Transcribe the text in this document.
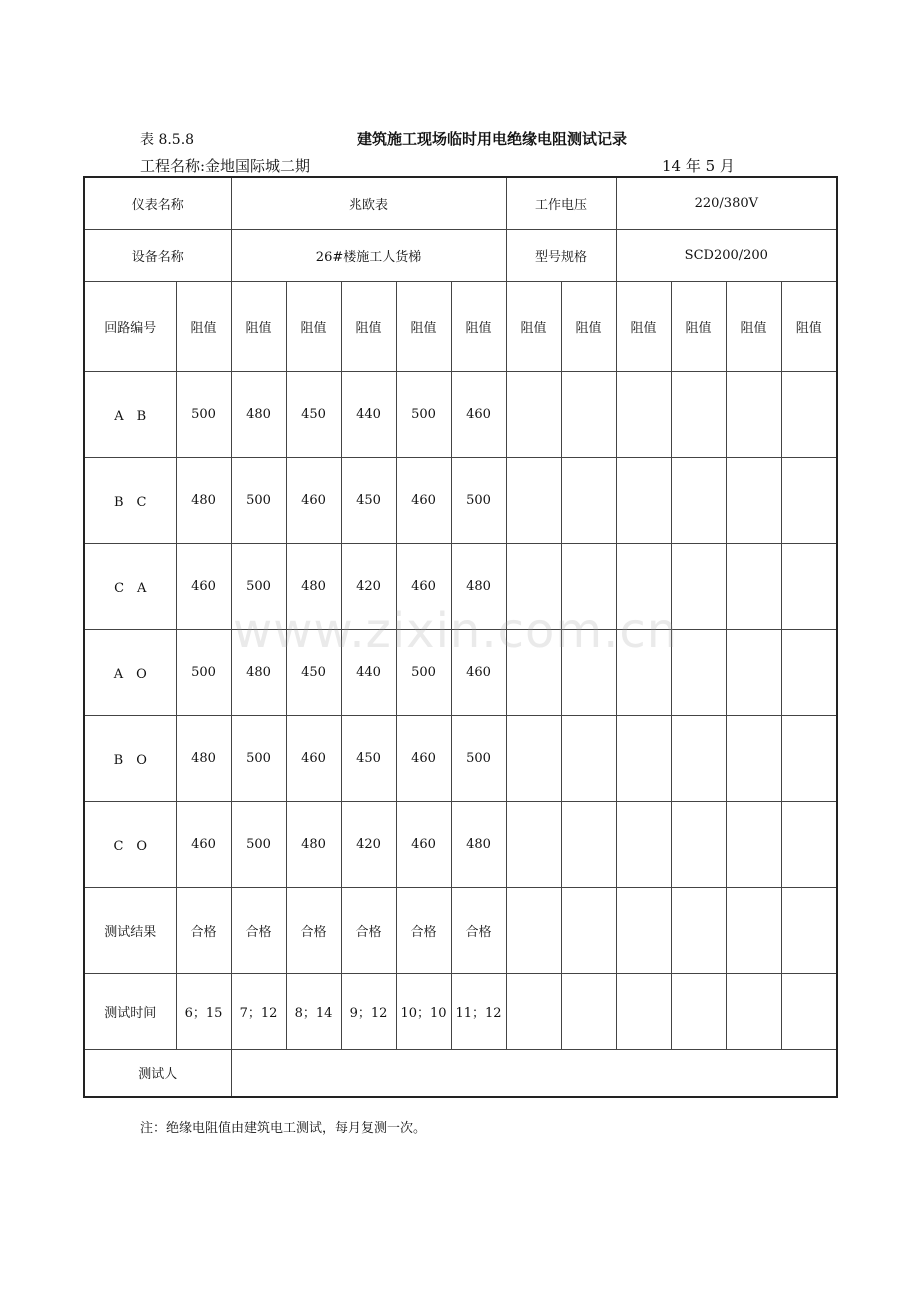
表 8.5.8	建筑施工现场临时用电绝缘电阻测试记录
工程名称:金地国际城二期	14 年 5 月
仪表名称		兆欧表					工作电压		220/380V			
设备名称		26#楼施工人货梯					型号规格		SCD200/200			
回路编号	阻值	阻值	阻值	阻值	阻值	阻值	阻值	阻值	阻值	阻值	阻值	阻值
A　B	500	480	450	440	500	460						
B　C	480	500	460	450	460	500						
C　A	460	500	480	420	460	480						
A　O	500	480	450	440	500	460						
B　O	480	500	460	450	460	500						
C　O	460	500	480	420	460	480						
测试结果	合格	合格	合格	合格	合格	合格						
测试时间	6；15	7；12	8；14	9；12	10；10	11；12						
测试人												
注：绝缘电阻值由建筑电工测试，每月复测一次。
www.zixin.com.cn
